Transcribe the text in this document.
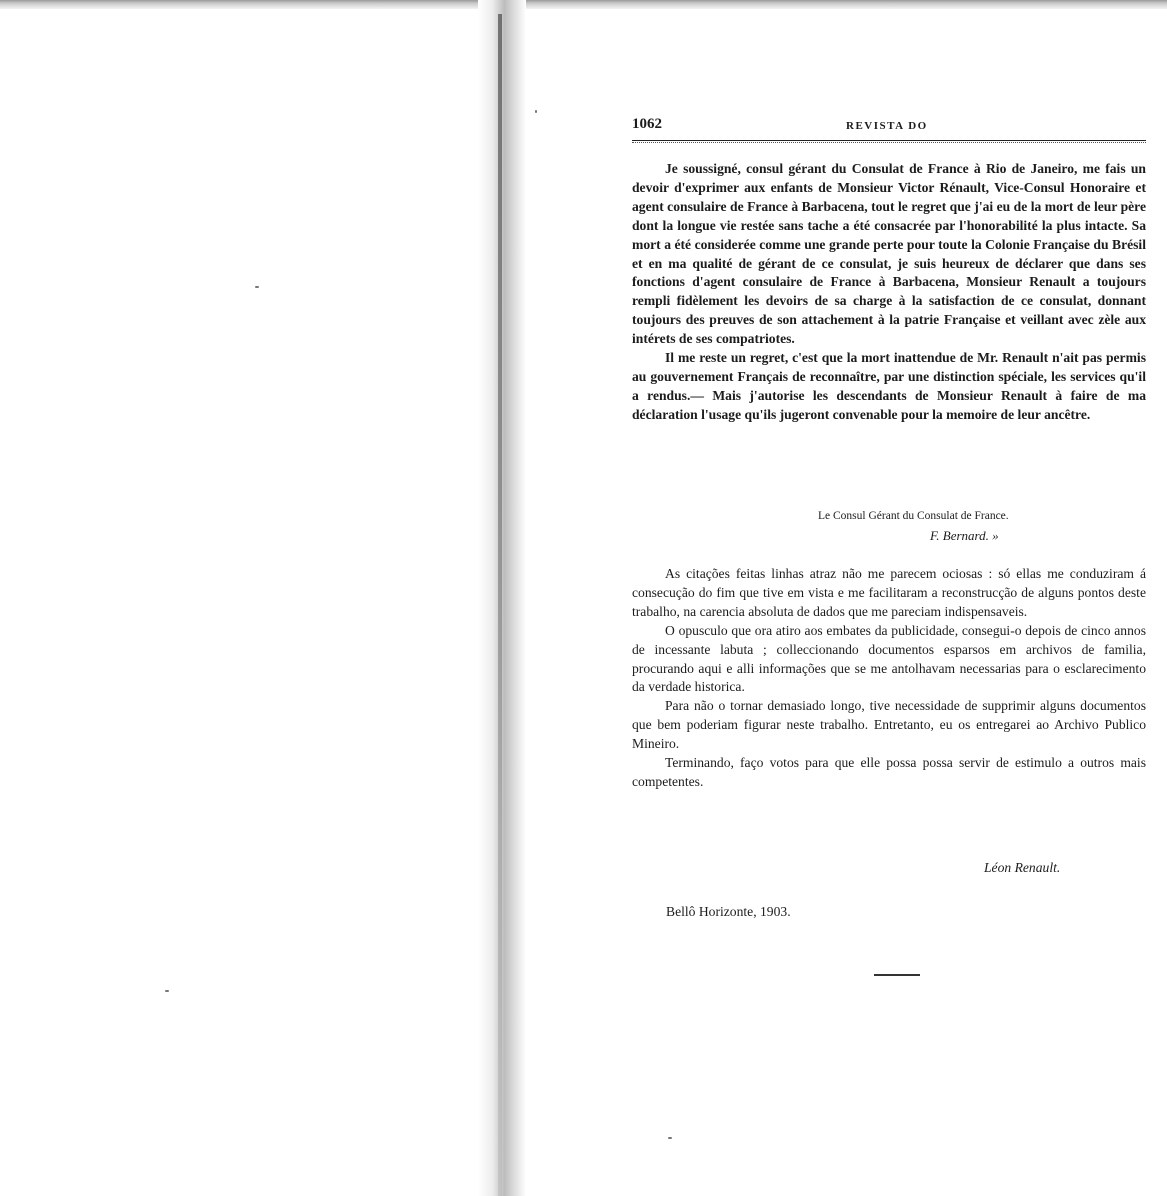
1062	REVISTA DO

Je soussigné, consul gérant du Consulat de France à Rio de Janeiro, me fais un devoir d'exprimer aux enfants de Monsieur Victor Rénault, Vice-Consul Honoraire et agent consulaire de France à Barbacena, tout le regret que j'ai eu de la mort de leur père dont la longue vie restée sans tache a été consacrée par l'honorabilité la plus intacte. Sa mort a été considerée comme une grande perte pour toute la Colonie Française du Brésil et en ma qualité de gérant de ce consulat, je suis heureux de déclarer que dans ses fonctions d'agent consulaire de France à Barbacena, Monsieur Renault a toujours rempli fidèlement les devoirs de sa charge à la satisfaction de ce consulat, donnant toujours des preuves de son attachement à la patrie Française et veillant avec zèle aux intérets de ses compatriotes.

Il me reste un regret, c'est que la mort inattendue de Mr. Renault n'ait pas permis au gouvernement Français de reconnaître, par une distinction spéciale, les services qu'il a rendus.— Mais j'autorise les descendants de Monsieur Renault à faire de ma déclaration l'usage qu'ils jugeront convenable pour la memoire de leur ancêtre.

Le Consul Gérant du Consulat de France.
F. Bernard. »

As citações feitas linhas atraz não me parecem ociosas : só ellas me conduziram á consecução do fim que tive em vista e me facilitaram a reconstrucção de alguns pontos deste trabalho, na carencia absoluta de dados que me pareciam indispensaveis.

O opusculo que ora atiro aos embates da publicidade, consegui-o depois de cinco annos de incessante labuta ; colleccionando documentos esparsos em archivos de familia, procurando aqui e alli informações que se me antolhavam necessarias para o esclarecimento da verdade historica.

Para não o tornar demasiado longo, tive necessidade de supprimir alguns documentos que bem poderiam figurar neste trabalho. Entretanto, eu os entregarei ao Archivo Publico Mineiro.

Terminando, faço votos para que elle possa possa servir de estimulo a outros mais competentes.

Léon Renault.
Bellô Horizonte, 1903.
